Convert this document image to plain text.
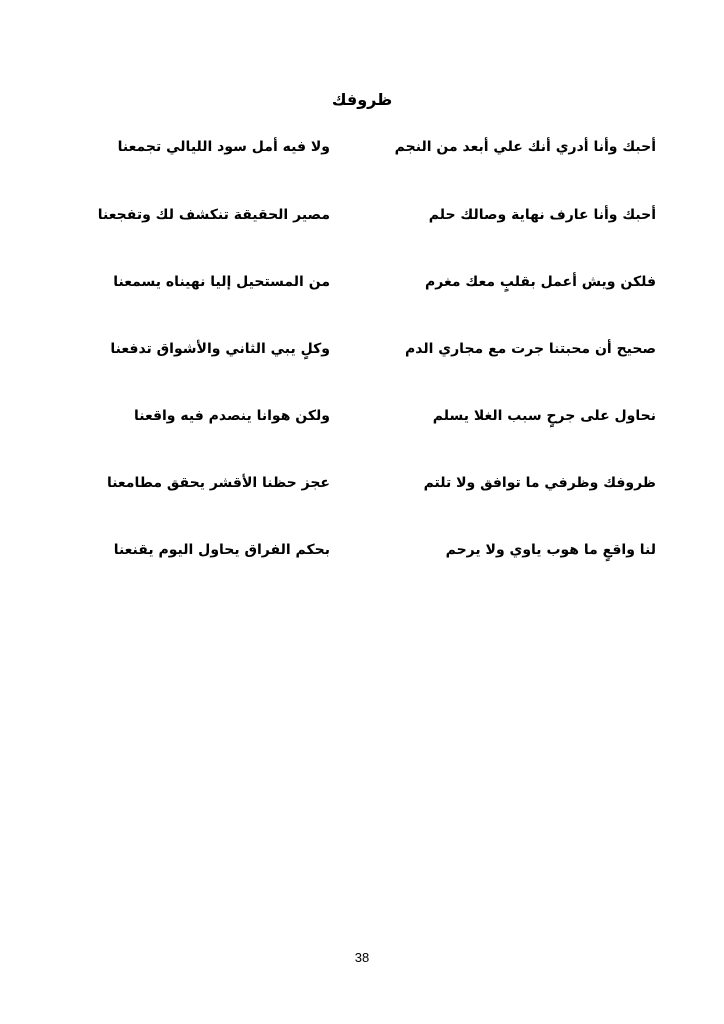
ظروفك
أحبك وأنا أدري أنك علي أبعد من النجم
ولا فيه أمل سود الليالي تجمعنا
أحبك وأنا عارف نهاية وصالك حلم
مصير الحقيقة تنكشف لك وتفجعنا
فلكن ويش أعمل بقلبٍ معك مغرم
من المستحيل إليا نهيناه يسمعنا
صحيح أن محبتنا جرت مع مجاري الدم
وكلٍ يبي الثاني والأشواق تدفعنا
نحاول على جرحٍ سبب الغلا يسلم
ولكن هوانا ينصدم فيه واقعنا
ظروفك وظرفي ما توافق ولا تلتم
عجز حظنا الأقشر يحقق مطامعنا
لنا واقعٍ ما هوب ياوي ولا يرحم
بحكم الفراق يحاول اليوم يقنعنا
38
